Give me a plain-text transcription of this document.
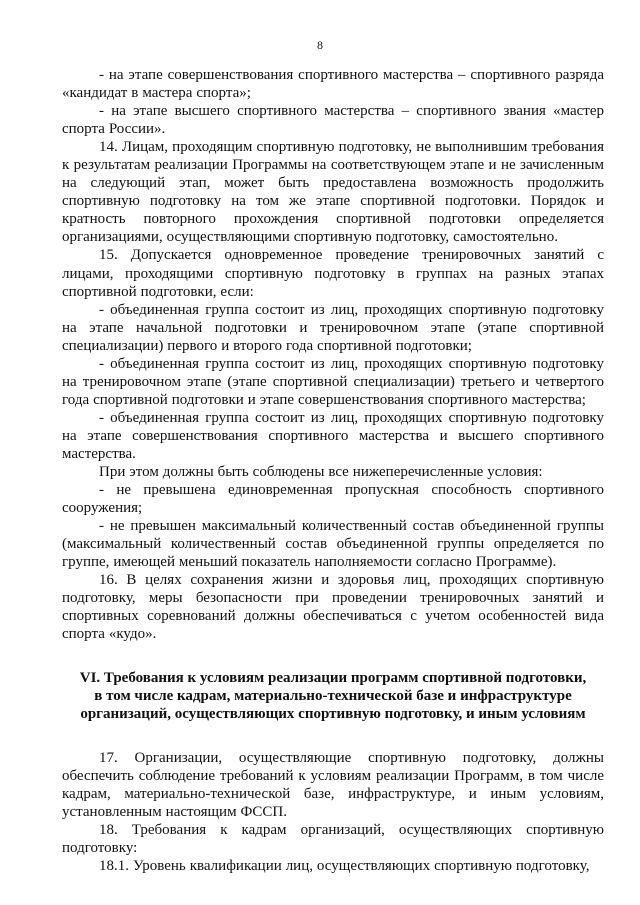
8

- на этапе совершенствования спортивного мастерства – спортивного разряда «кандидат в мастера спорта»;

- на этапе высшего спортивного мастерства – спортивного звания «мастер спорта России».

14. Лицам, проходящим спортивную подготовку, не выполнившим требования к результатам реализации Программы на соответствующем этапе и не зачисленным на следующий этап, может быть предоставлена возможность продолжить спортивную подготовку на том же этапе спортивной подготовки. Порядок и кратность повторного прохождения спортивной подготовки определяется организациями, осуществляющими спортивную подготовку, самостоятельно.

15. Допускается одновременное проведение тренировочных занятий с лицами, проходящими спортивную подготовку в группах на разных этапах спортивной подготовки, если:

- объединенная группа состоит из лиц, проходящих спортивную подготовку на этапе начальной подготовки и тренировочном этапе (этапе спортивной специализации) первого и второго года спортивной подготовки;

- объединенная группа состоит из лиц, проходящих спортивную подготовку на тренировочном этапе (этапе спортивной специализации) третьего и четвертого года спортивной подготовки и этапе совершенствования спортивного мастерства;

- объединенная группа состоит из лиц, проходящих спортивную подготовку на этапе совершенствования спортивного мастерства и высшего спортивного мастерства.

При этом должны быть соблюдены все нижеперечисленные условия:

- не превышена единовременная пропускная способность спортивного сооружения;

- не превышен максимальный количественный состав объединенной группы (максимальный количественный состав объединенной группы определяется по группе, имеющей меньший показатель наполняемости согласно Программе).

16. В целях сохранения жизни и здоровья лиц, проходящих спортивную подготовку, меры безопасности при проведении тренировочных занятий и спортивных соревнований должны обеспечиваться с учетом особенностей вида спорта «кудо».

VI. Требования к условиям реализации программ спортивной подготовки,
в том числе кадрам, материально-технической базе и инфраструктуре
организаций, осуществляющих спортивную подготовку, и иным условиям

17. Организации, осуществляющие спортивную подготовку, должны обеспечить соблюдение требований к условиям реализации Программ, в том числе кадрам, материально-технической базе, инфраструктуре, и иным условиям, установленным настоящим ФССП.

18. Требования к кадрам организаций, осуществляющих спортивную подготовку:

18.1. Уровень квалификации лиц, осуществляющих спортивную подготовку,
